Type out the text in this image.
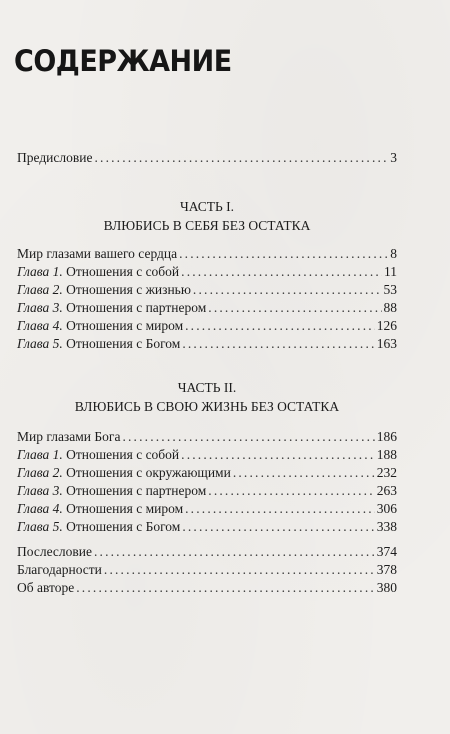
СОДЕРЖАНИЕ
Предисловие . . .	3
ЧАСТЬ I.
ВЛЮБИСЬ В СЕБЯ БЕЗ ОСТАТКА
Мир глазами вашего сердца . . .	8
Глава 1. Отношения с собой . . .	11
Глава 2. Отношения с жизнью . . .	53
Глава 3. Отношения с партнером . . .	88
Глава 4. Отношения с миром . . .	126
Глава 5. Отношения с Богом . . .	163
ЧАСТЬ II.
ВЛЮБИСЬ В СВОЮ ЖИЗНЬ БЕЗ ОСТАТКА
Мир глазами Бога . . .	186
Глава 1. Отношения с собой . . .	188
Глава 2. Отношения с окружающими . . .	232
Глава 3. Отношения с партнером . . .	263
Глава 4. Отношения с миром . . .	306
Глава 5. Отношения с Богом . . .	338
Послесловие . . .	374
Благодарности . . .	378
Об авторе . . .	380
